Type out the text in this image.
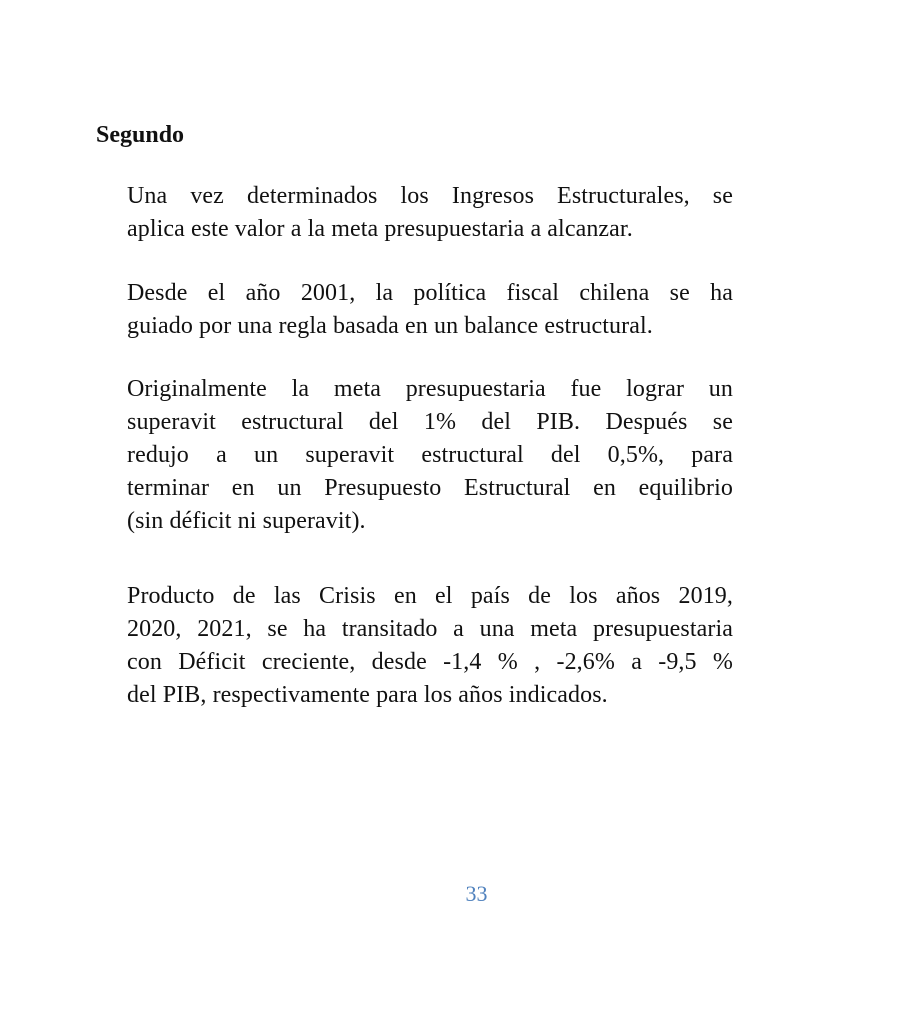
Segundo

Una vez determinados los Ingresos Estructurales, se
aplica este valor a la meta presupuestaria a alcanzar.

Desde el año 2001, la política fiscal chilena se ha
guiado por una regla basada en un balance estructural.

Originalmente la meta presupuestaria fue lograr un
superavit estructural del 1% del PIB. Después se
redujo a un superavit estructural del 0,5%, para
terminar en un Presupuesto Estructural en equilibrio
(sin déficit ni superavit).

Producto de las Crisis en el país de los años 2019,
2020, 2021, se ha transitado a una meta presupuestaria
con Déficit creciente, desde -1,4 % , -2,6% a -9,5 %
del PIB, respectivamente para los años indicados.

33
